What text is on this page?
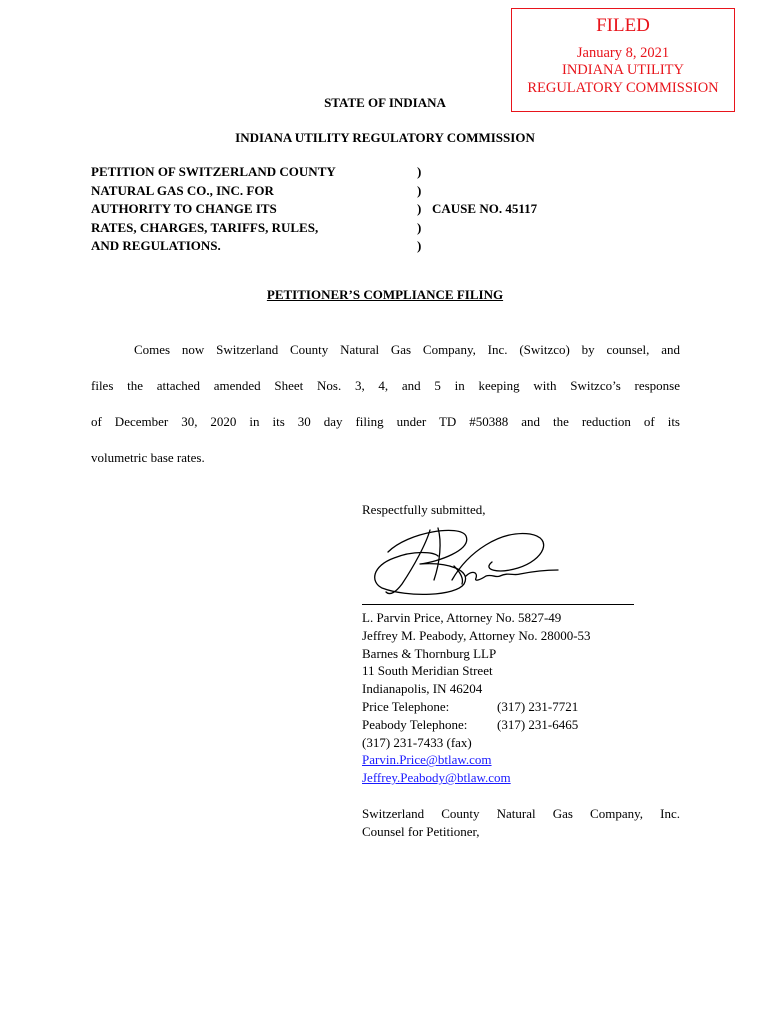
FILED
January 8, 2021
INDIANA UTILITY
REGULATORY COMMISSION
STATE OF INDIANA
INDIANA UTILITY REGULATORY COMMISSION
PETITION OF SWITZERLAND COUNTY
NATURAL GAS CO., INC. FOR
AUTHORITY TO CHANGE ITS
RATES, CHARGES, TARIFFS, RULES,
AND REGULATIONS.
)
)
)
)
)
CAUSE NO. 45117
PETITIONER’S COMPLIANCE FILING
Comes now Switzerland County Natural Gas Company, Inc. (Switzco) by counsel, and
files the attached amended Sheet Nos. 3, 4, and 5 in keeping with Switzco’s response
of December 30, 2020 in its 30 day filing under TD #50388 and the reduction of its
volumetric base rates.
Respectfully submitted,
L. Parvin Price, Attorney No. 5827-49
Jeffrey M. Peabody, Attorney No. 28000-53
Barnes & Thornburg LLP
11 South Meridian Street
Indianapolis, IN 46204
Price Telephone:	(317) 231-7721
Peabody Telephone: (317) 231-6465
(317) 231-7433 (fax)
Parvin.Price@btlaw.com
Jeffrey.Peabody@btlaw.com
Switzerland County Natural Gas Company, Inc.
Counsel for Petitioner,
